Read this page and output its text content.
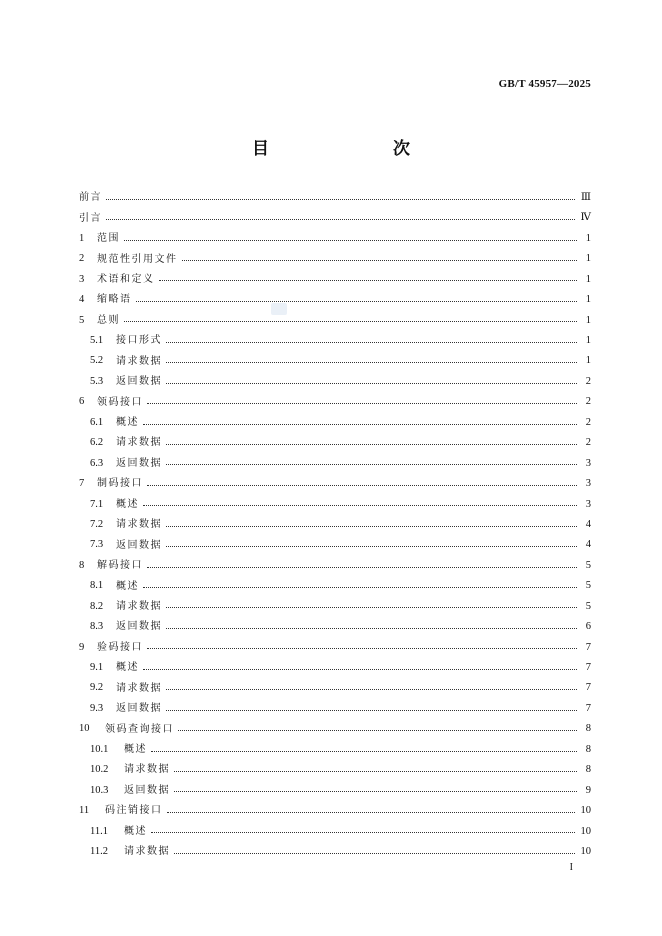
GB/T 45957—2025
目　　次
前言	Ⅲ
引言	Ⅳ
1	范围	1
2	规范性引用文件	1
3	术语和定义	1
4	缩略语	1
5	总则	1
5.1	接口形式	1
5.2	请求数据	1
5.3	返回数据	2
6	领码接口	2
6.1	概述	2
6.2	请求数据	2
6.3	返回数据	3
7	制码接口	3
7.1	概述	3
7.2	请求数据	4
7.3	返回数据	4
8	解码接口	5
8.1	概述	5
8.2	请求数据	5
8.3	返回数据	6
9	验码接口	7
9.1	概述	7
9.2	请求数据	7
9.3	返回数据	7
10	领码查询接口	8
10.1	概述	8
10.2	请求数据	8
10.3	返回数据	9
11	码注销接口	10
11.1	概述	10
11.2	请求数据	10
I
